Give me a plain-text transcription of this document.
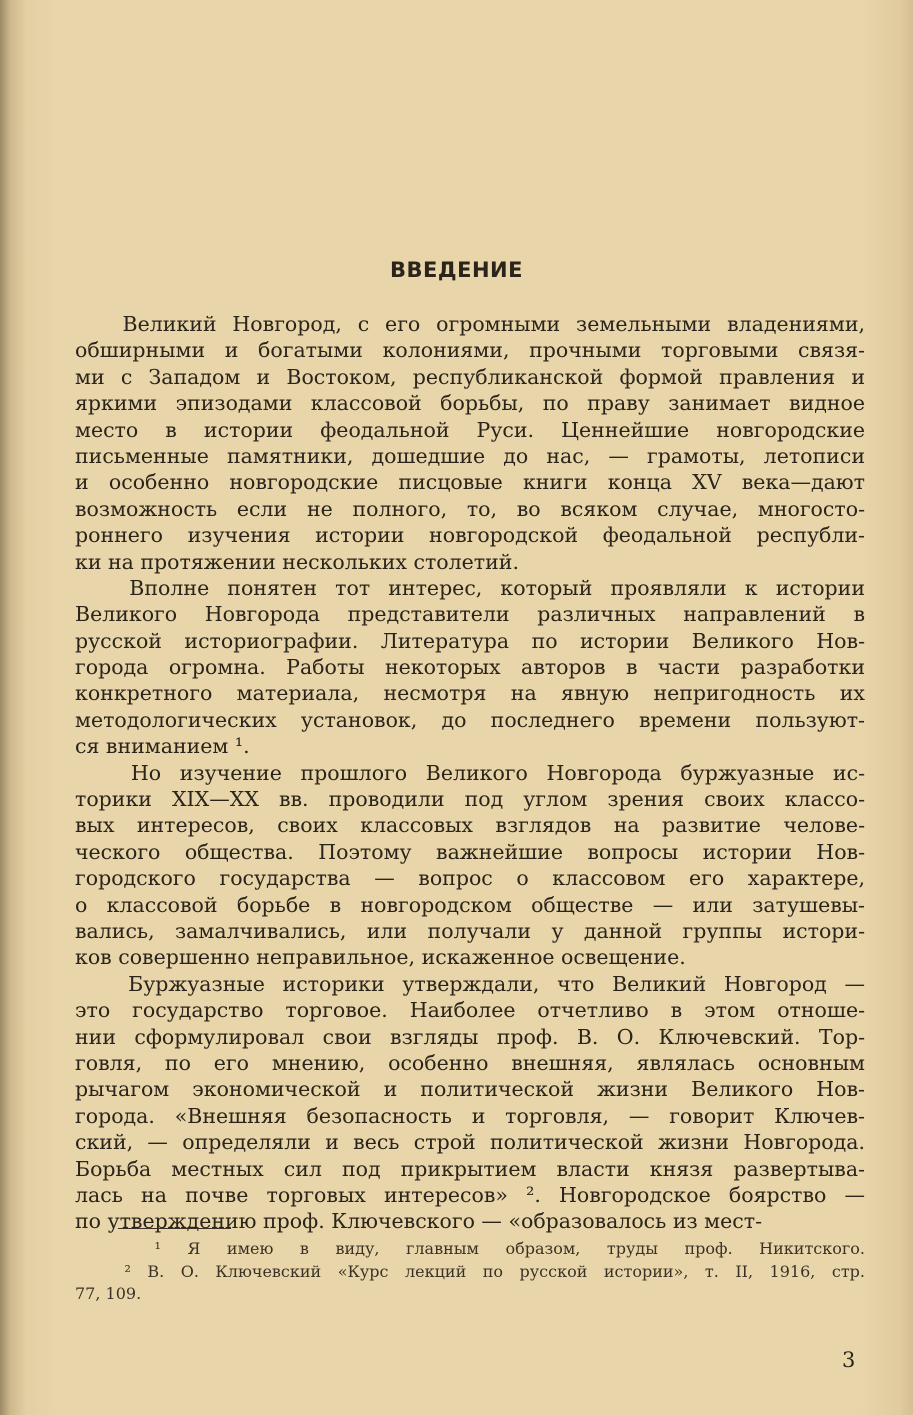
ВВЕДЕНИЕ
Великий Новгород, с его огромными земельными владениями,
обширными и богатыми колониями, прочными торговыми связя-
ми с Западом и Востоком, республиканской формой правления и
яркими эпизодами классовой борьбы, по праву занимает видное
место в истории феодальной Руси. Ценнейшие новгородские
письменные памятники, дошедшие до нас, — грамоты, летописи
и особенно новгородские писцовые книги конца XV века—дают
возможность если не полного, то, во всяком случае, многосто-
роннего изучения истории новгородской феодальной республи-
ки на протяжении нескольких столетий.
Вполне понятен тот интерес, который проявляли к истории
Великого Новгорода представители различных направлений в
русской историографии. Литература по истории Великого Нов-
города огромна. Работы некоторых авторов в части разработки
конкретного материала, несмотря на явную непригодность их
методологических установок, до последнего времени пользуют-
ся вниманием ¹.
Но изучение прошлого Великого Новгорода буржуазные ис-
торики XIX—XX вв. проводили под углом зрения своих классо-
вых интересов, своих классовых взглядов на развитие челове-
ческого общества. Поэтому важнейшие вопросы истории Нов-
городского государства — вопрос о классовом его характере,
о классовой борьбе в новгородском обществе — или затушевы-
вались, замалчивались, или получали у данной группы истори-
ков совершенно неправильное, искаженное освещение.
Буржуазные историки утверждали, что Великий Новгород —
это государство торговое. Наиболее отчетливо в этом отноше-
нии сформулировал свои взгляды проф. В. О. Ключевский. Тор-
говля, по его мнению, особенно внешняя, являлась основным
рычагом экономической и политической жизни Великого Нов-
города. «Внешняя безопасность и торговля, — говорит Ключев-
ский, — определяли и весь строй политической жизни Новгорода.
Борьба местных сил под прикрытием власти князя развертыва-
лась на почве торговых интересов» ². Новгородское боярство —
по утверждению проф. Ключевского — «образовалось из мест-
¹ Я имею в виду, главным образом, труды проф. Никитского.
² В. О. Ключевский «Курс лекций по русской истории», т. II, 1916, стр.
77, 109.
3
